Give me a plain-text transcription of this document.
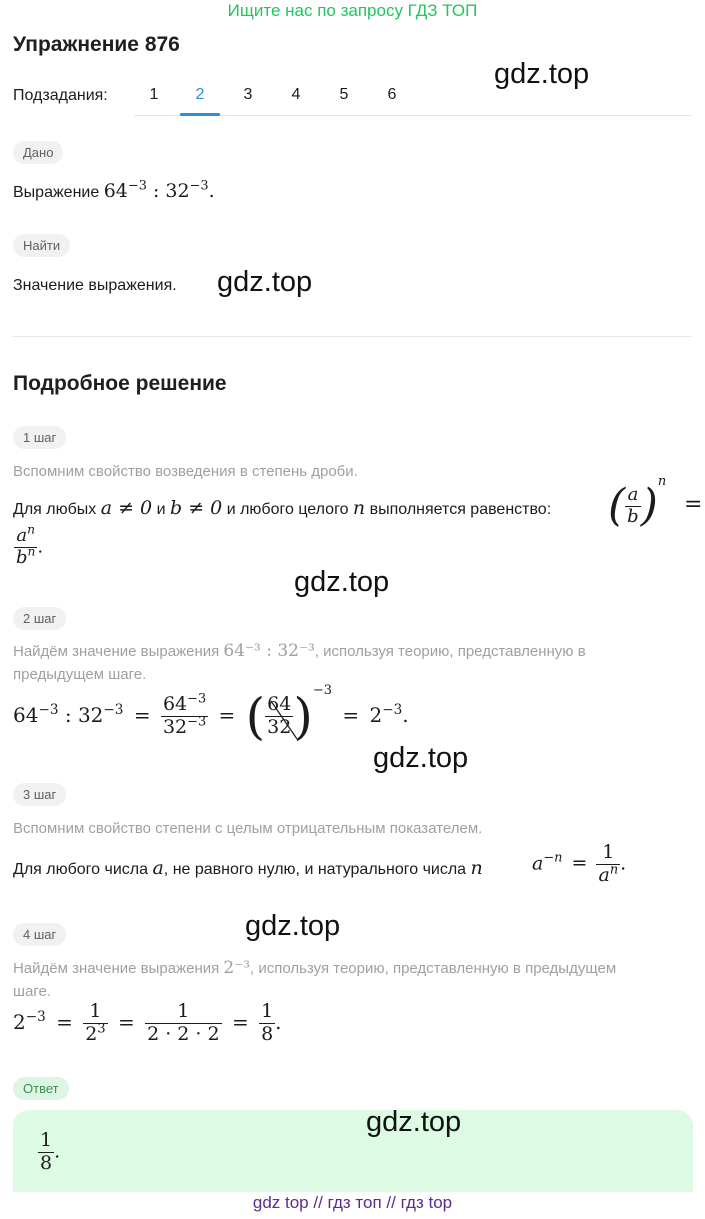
Ищите нас по запросу ГДЗ ТОП
Упражнение 876
gdz.top
gdz.top
gdz.top
gdz.top
gdz.top
gdz.top
Подзадания:	1	2	3	4	5	6
Дано
Выражение $64^{-3}$ : $32^{-3}$.
Найти
Значение выражения.
Подробное решение
1 шаг
Вспомним свойство возведения в степень дроби.
Для любых a ≠ 0 и b ≠ 0 и любого целого n выполняется равенство: ( $\frac{a}{b} )^n$ =
$\frac{a^n}{b^n}$ .
2 шаг
Найдём значение выражения 64⁻³ : 32⁻³, используя теорию, представленную в
предыдущем шаге.
$64^{-3}$ : $32^{-3} = \frac{64^{-3}}{32^{-3}}$ = ( $\frac{64}{32} )^{-3} = 2^{-3}$.
3 шаг
Вспомним свойство степени с целым отрицательным показателем.
Для любого числа a, не равного нулю, и натурального числа n	$a^{-n} = \frac{1}{a^n}$ .
4 шаг
Найдём значение выражения 2⁻³, используя теорию, представленную в предыдущем
шаге.
$2^{-3} = \frac{1}{2^3} = \frac{1}{2 \cdot 2 \cdot 2} = \frac{1}{8}$ .
Ответ
$\frac{1}{8}$ .
gdz top // гдз топ // гдз top
